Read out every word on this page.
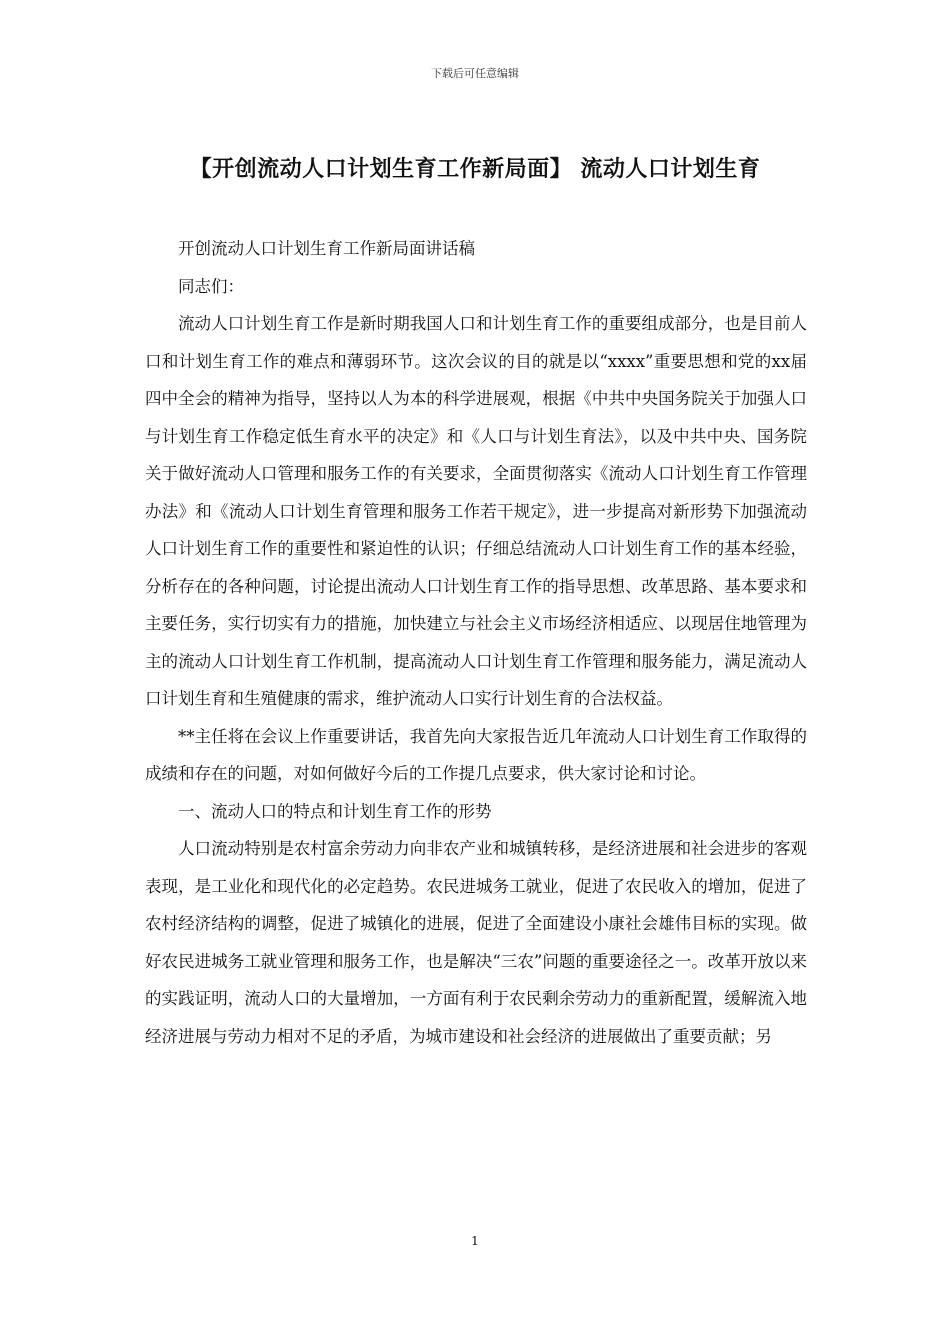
下载后可任意编辑
【开创流动人口计划生育工作新局面】 流动人口计划生育

开创流动人口计划生育工作新局面讲话稿

同志们：

流动人口计划生育工作是新时期我国人口和计划生育工作的重要组成部分，也是目前人口和计划生育工作的难点和薄弱环节。这次会议的目的就是以“xxxx”重要思想和党的xx届四中全会的精神为指导，坚持以人为本的科学进展观，根据《中共中央国务院关于加强人口与计划生育工作稳定低生育水平的决定》和《人口与计划生育法》，以及中共中央、国务院关于做好流动人口管理和服务工作的有关要求，全面贯彻落实《流动人口计划生育工作管理办法》和《流动人口计划生育管理和服务工作若干规定》，进一步提高对新形势下加强流动人口计划生育工作的重要性和紧迫性的认识；仔细总结流动人口计划生育工作的基本经验，分析存在的各种问题，讨论提出流动人口计划生育工作的指导思想、改革思路、基本要求和主要任务，实行切实有力的措施，加快建立与社会主义市场经济相适应、以现居住地管理为主的流动人口计划生育工作机制，提高流动人口计划生育工作管理和服务能力，满足流动人口计划生育和生殖健康的需求，维护流动人口实行计划生育的合法权益。

**主任将在会议上作重要讲话，我首先向大家报告近几年流动人口计划生育工作取得的成绩和存在的问题，对如何做好今后的工作提几点要求，供大家讨论和讨论。

一、流动人口的特点和计划生育工作的形势

人口流动特别是农村富余劳动力向非农产业和城镇转移，是经济进展和社会进步的客观表现，是工业化和现代化的必定趋势。农民进城务工就业，促进了农民收入的增加，促进了农村经济结构的调整，促进了城镇化的进展，促进了全面建设小康社会雄伟目标的实现。做好农民进城务工就业管理和服务工作，也是解决“三农”问题的重要途径之一。改革开放以来的实践证明，流动人口的大量增加，一方面有利于农民剩余劳动力的重新配置，缓解流入地经济进展与劳动力相对不足的矛盾，为城市建设和社会经济的进展做出了重要贡献；另

1
